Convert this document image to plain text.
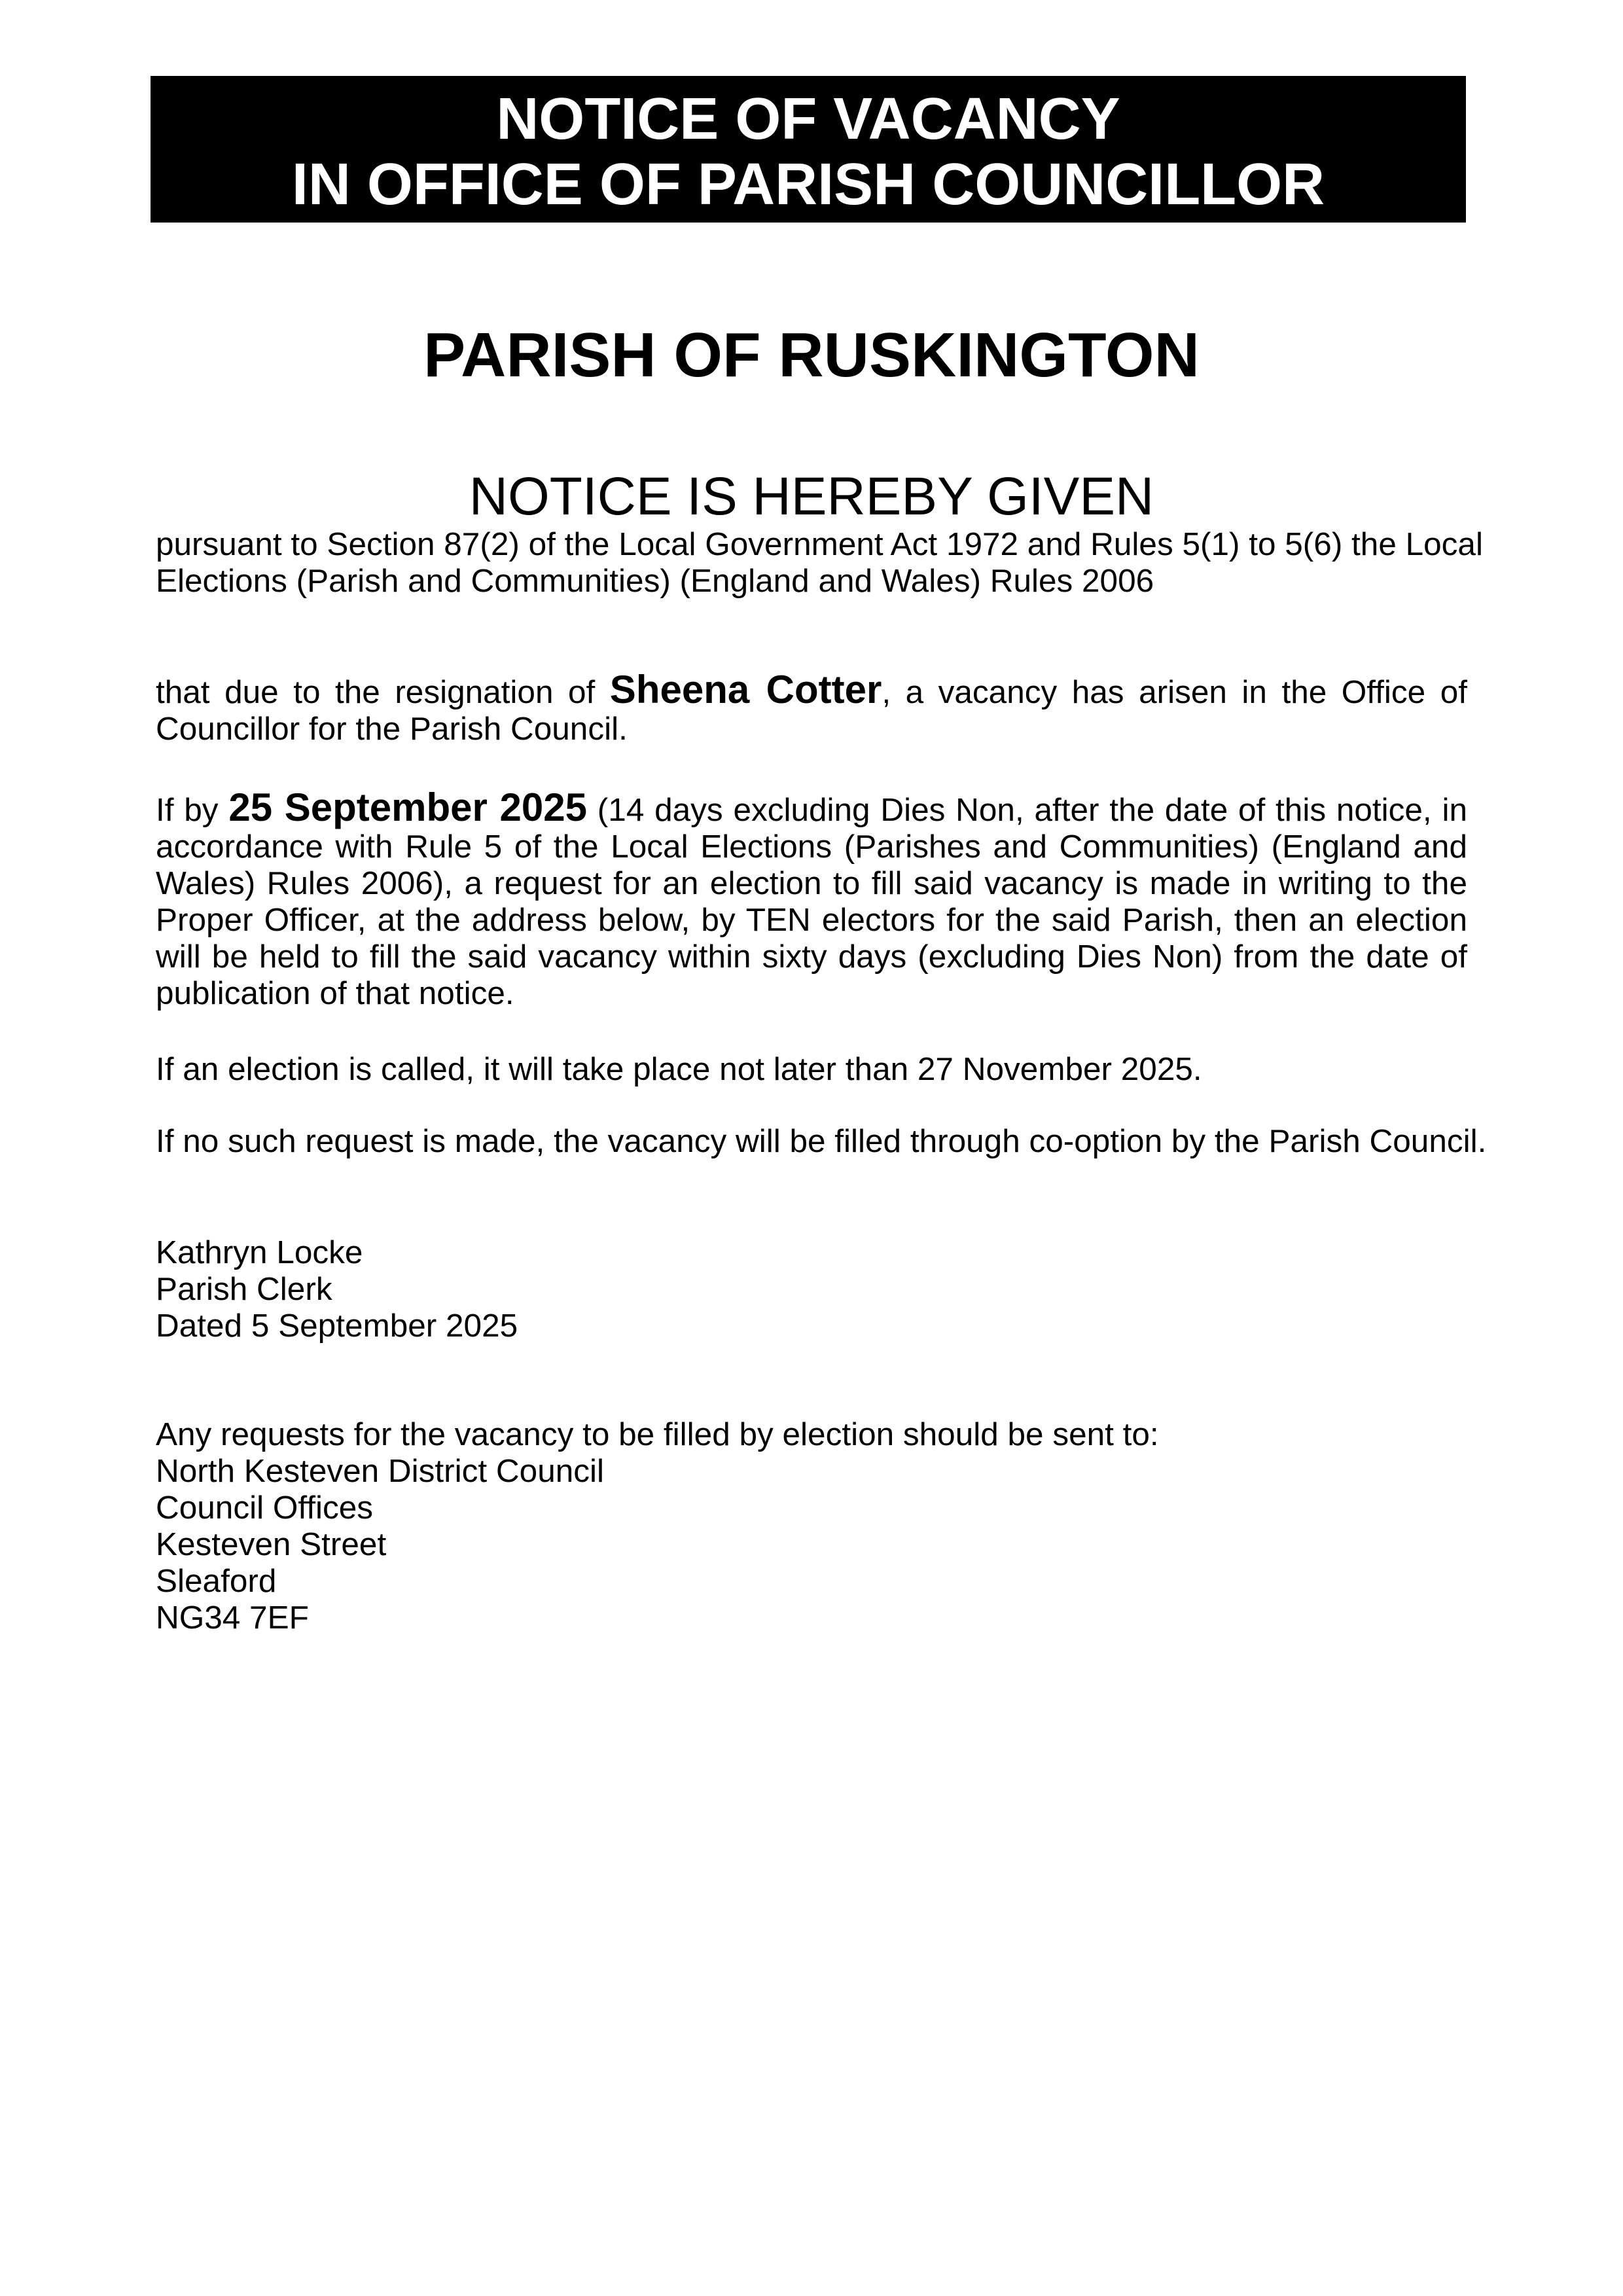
NOTICE OF VACANCY
IN OFFICE OF PARISH COUNCILLOR
PARISH OF RUSKINGTON
NOTICE IS HEREBY GIVEN
pursuant to Section 87(2) of the Local Government Act 1972 and Rules 5(1) to 5(6) the Local
Elections (Parish and Communities) (England and Wales) Rules 2006
that due to the resignation of Sheena Cotter, a vacancy has arisen in the Office of Councillor for the Parish Council.
If by 25 September 2025 (14 days excluding Dies Non, after the date of this notice, in accordance with Rule 5 of the Local Elections (Parishes and Communities) (England and Wales) Rules 2006), a request for an election to fill said vacancy is made in writing to the Proper Officer, at the address below, by TEN electors for the said Parish, then an election will be held to fill the said vacancy within sixty days (excluding Dies Non) from the date of publication of that notice.
If an election is called, it will take place not later than 27 November 2025.
If no such request is made, the vacancy will be filled through co-option by the Parish Council.
Kathryn Locke
Parish Clerk
Dated 5 September 2025
Any requests for the vacancy to be filled by election should be sent to:
North Kesteven District Council
Council Offices
Kesteven Street
Sleaford
NG34 7EF
